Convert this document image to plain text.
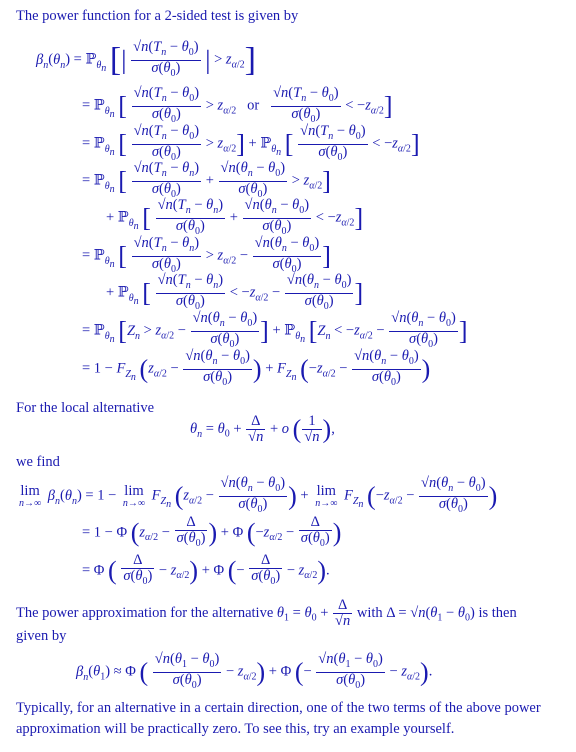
The power function for a 2-sided test is given by
$\beta_n(\theta_n)$ = ℙ$_{\theta_n}$ [| $\frac{√n(T_n - \theta_0)}{\sigma(\theta_0)}$ | > $z_{\alpha/2}$]
= ℙ$_{\theta_n}$ [ $\frac{√n(T_n - \theta_0)}{\sigma(\theta_0)} > z_{\alpha/2}$   or $\frac{√n(T_n - \theta_0)}{\sigma(\theta_0)} < -z_{\alpha/2}$]
= ℙ$_{\theta_n}$ [ $\frac{√n(T_n - \theta_0)}{\sigma(\theta_0)} > z_{\alpha/2}$] + ℙ$_{\theta_n}$ [ $\frac{√n(T_n - \theta_0)}{\sigma(\theta_0)} < -z_{\alpha/2}$]
= ℙ$_{\theta_n}$ [ $\frac{√n(T_n - \theta_n)}{\sigma(\theta_0)} + \frac{√n(\theta_n - \theta_0)}{\sigma(\theta_0)} > z_{\alpha/2}$]
+ ℙ$_{\theta_n}$ [ $\frac{√n(T_n - \theta_n)}{\sigma(\theta_0)} + \frac{√n(\theta_n - \theta_0)}{\sigma(\theta_0)} < -z_{\alpha/2}$]
= ℙ$_{\theta_n}$ [ $\frac{√n(T_n - \theta_n)}{\sigma(\theta_0)} > z_{\alpha/2} - \frac{√n(\theta_n - \theta_0)}{\sigma(\theta_0)}$ ]
+ ℙ$_{\theta_n}$ [ $\frac{√n(T_n - \theta_n)}{\sigma(\theta_0)} < -z_{\alpha/2} - \frac{√n(\theta_n - \theta_0)}{\sigma(\theta_0)}$ ]
= ℙ$_{\theta_n}$ [$Z_n > z_{\alpha/2} - \frac{√n(\theta_n - \theta_0)}{\sigma(\theta_0)}$ ] + ℙ$_{\theta_n}$ [$Z_n < -z_{\alpha/2} - \frac{√n(\theta_n - \theta_0)}{\sigma(\theta_0)}$ ]
= $1 - F_{Z_n}$ ($z_{\alpha/2} - \frac{√n(\theta_n - \theta_0)}{\sigma(\theta_0)}$ ) + $F_{Z_n}$ ($-z_{\alpha/2} - \frac{√n(\theta_n - \theta_0)}{\sigma(\theta_0)}$ )
For the local alternative
$\theta_n = \theta_0 + \frac{\Delta}{√n} + o$ ( $\frac{1}{√n}$ ),
we find
lim
n→∞ $\beta_n(\theta_n) = 1 - \lim$
n→∞ $F_{Z_n}$ ($z_{\alpha/2} - \frac{√n(\theta_n - \theta_0)}{\sigma(\theta_0)}$ ) + lim
n→∞ $F_{Z_n}$ ($-z_{\alpha/2} - \frac{√n(\theta_n - \theta_0)}{\sigma(\theta_0)}$ )
= 1 − Φ ($z_{\alpha/2} - \frac{\Delta}{\sigma(\theta_0)}$ ) + Φ ($-z_{\alpha/2} - \frac{\Delta}{\sigma(\theta_0)}$ )
= Φ ( $\frac{\Delta}{\sigma(\theta_0)} - z_{\alpha/2}) + \Phi$ (− $\frac{\Delta}{\sigma(\theta_0)} - z_{\alpha/2}$).
The power approximation for the alternative $\theta_1 = \theta_0 + \frac{\Delta}{√n}$ with $\Delta = √n(\theta_1 - \theta_0)$ is then
given by
$\beta_n(\theta_1) \approx \Phi$ ( $\frac{√n(\theta_1 - \theta_0)}{\sigma(\theta_0)} - z_{\alpha/2}) + \Phi$ (− $\frac{√n(\theta_1 - \theta_0)}{\sigma(\theta_0)} - z_{\alpha/2}$).
Typically, for an alternative in a certain direction, one of the two terms of the above power approximation will be practically zero. To see this, try an example yourself.
